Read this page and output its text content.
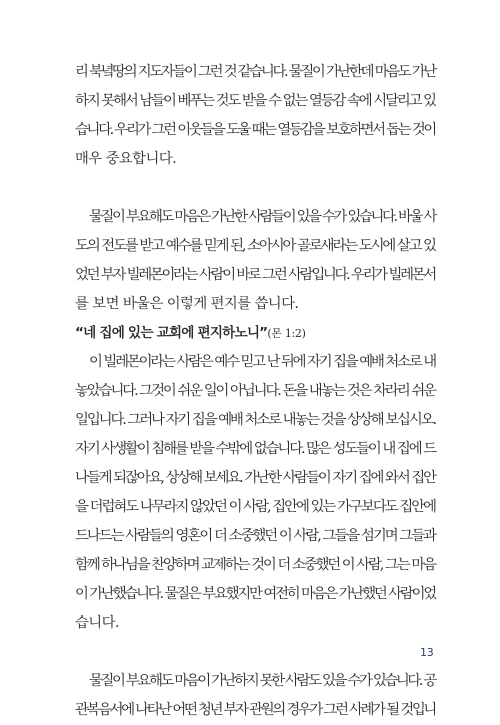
리 북녘땅의 지도자들이 그런 것 같습니다. 물질이 가난한데 마음도 가난

하지 못해서 남들이 베푸는 것도 받을 수 없는 열등감 속에 시달리고 있

습니다. 우리가 그런 이웃들을 도울 때는 열등감을 보호하면서 돕는 것이

매우 중요합니다.

물질이 부요해도 마음은 가난한 사람들이 있을 수가 있습니다. 바울 사

도의 전도를 받고 예수를 믿게 된, 소아시아 골로새라는 도시에 살고 있

었던 부자 빌레몬이라는 사람이 바로 그런 사람입니다. 우리가 빌레몬서

를 보면 바울은 이렇게 편지를 씁니다.

“네 집에 있는 교회에 편지하노니”(몬 1:2)

이 빌레몬이라는 사람은 예수 믿고 난 뒤에 자기 집을 예배 처소로 내

놓았습니다. 그것이 쉬운 일이 아닙니다. 돈을 내놓는 것은 차라리 쉬운

일입니다. 그러나 자기 집을 예배 처소로 내놓는 것을 상상해 보십시오.

자기 사생활이 침해를 받을 수밖에 없습니다. 많은 성도들이 내 집에 드

나들게 되잖아요, 상상해 보세요. 가난한 사람들이 자기 집에 와서 집안

을 더럽혀도 나무라지 않았던 이 사람, 집안에 있는 가구보다도 집안에

드나드는 사람들의 영혼이 더 소중했던 이 사람, 그들을 섬기며 그들과

함께 하나님을 찬양하며 교제하는 것이 더 소중했던 이 사람, 그는 마음

이 가난했습니다. 물질은 부요했지만 여전히 마음은 가난했던 사람이었

습니다.

물질이 부요해도 마음이 가난하지 못한 사람도 있을 수가 있습니다. 공

관복음서에 나타난 어떤 청년 부자 관원의 경우가 그런 사례가 될 것입니

13
